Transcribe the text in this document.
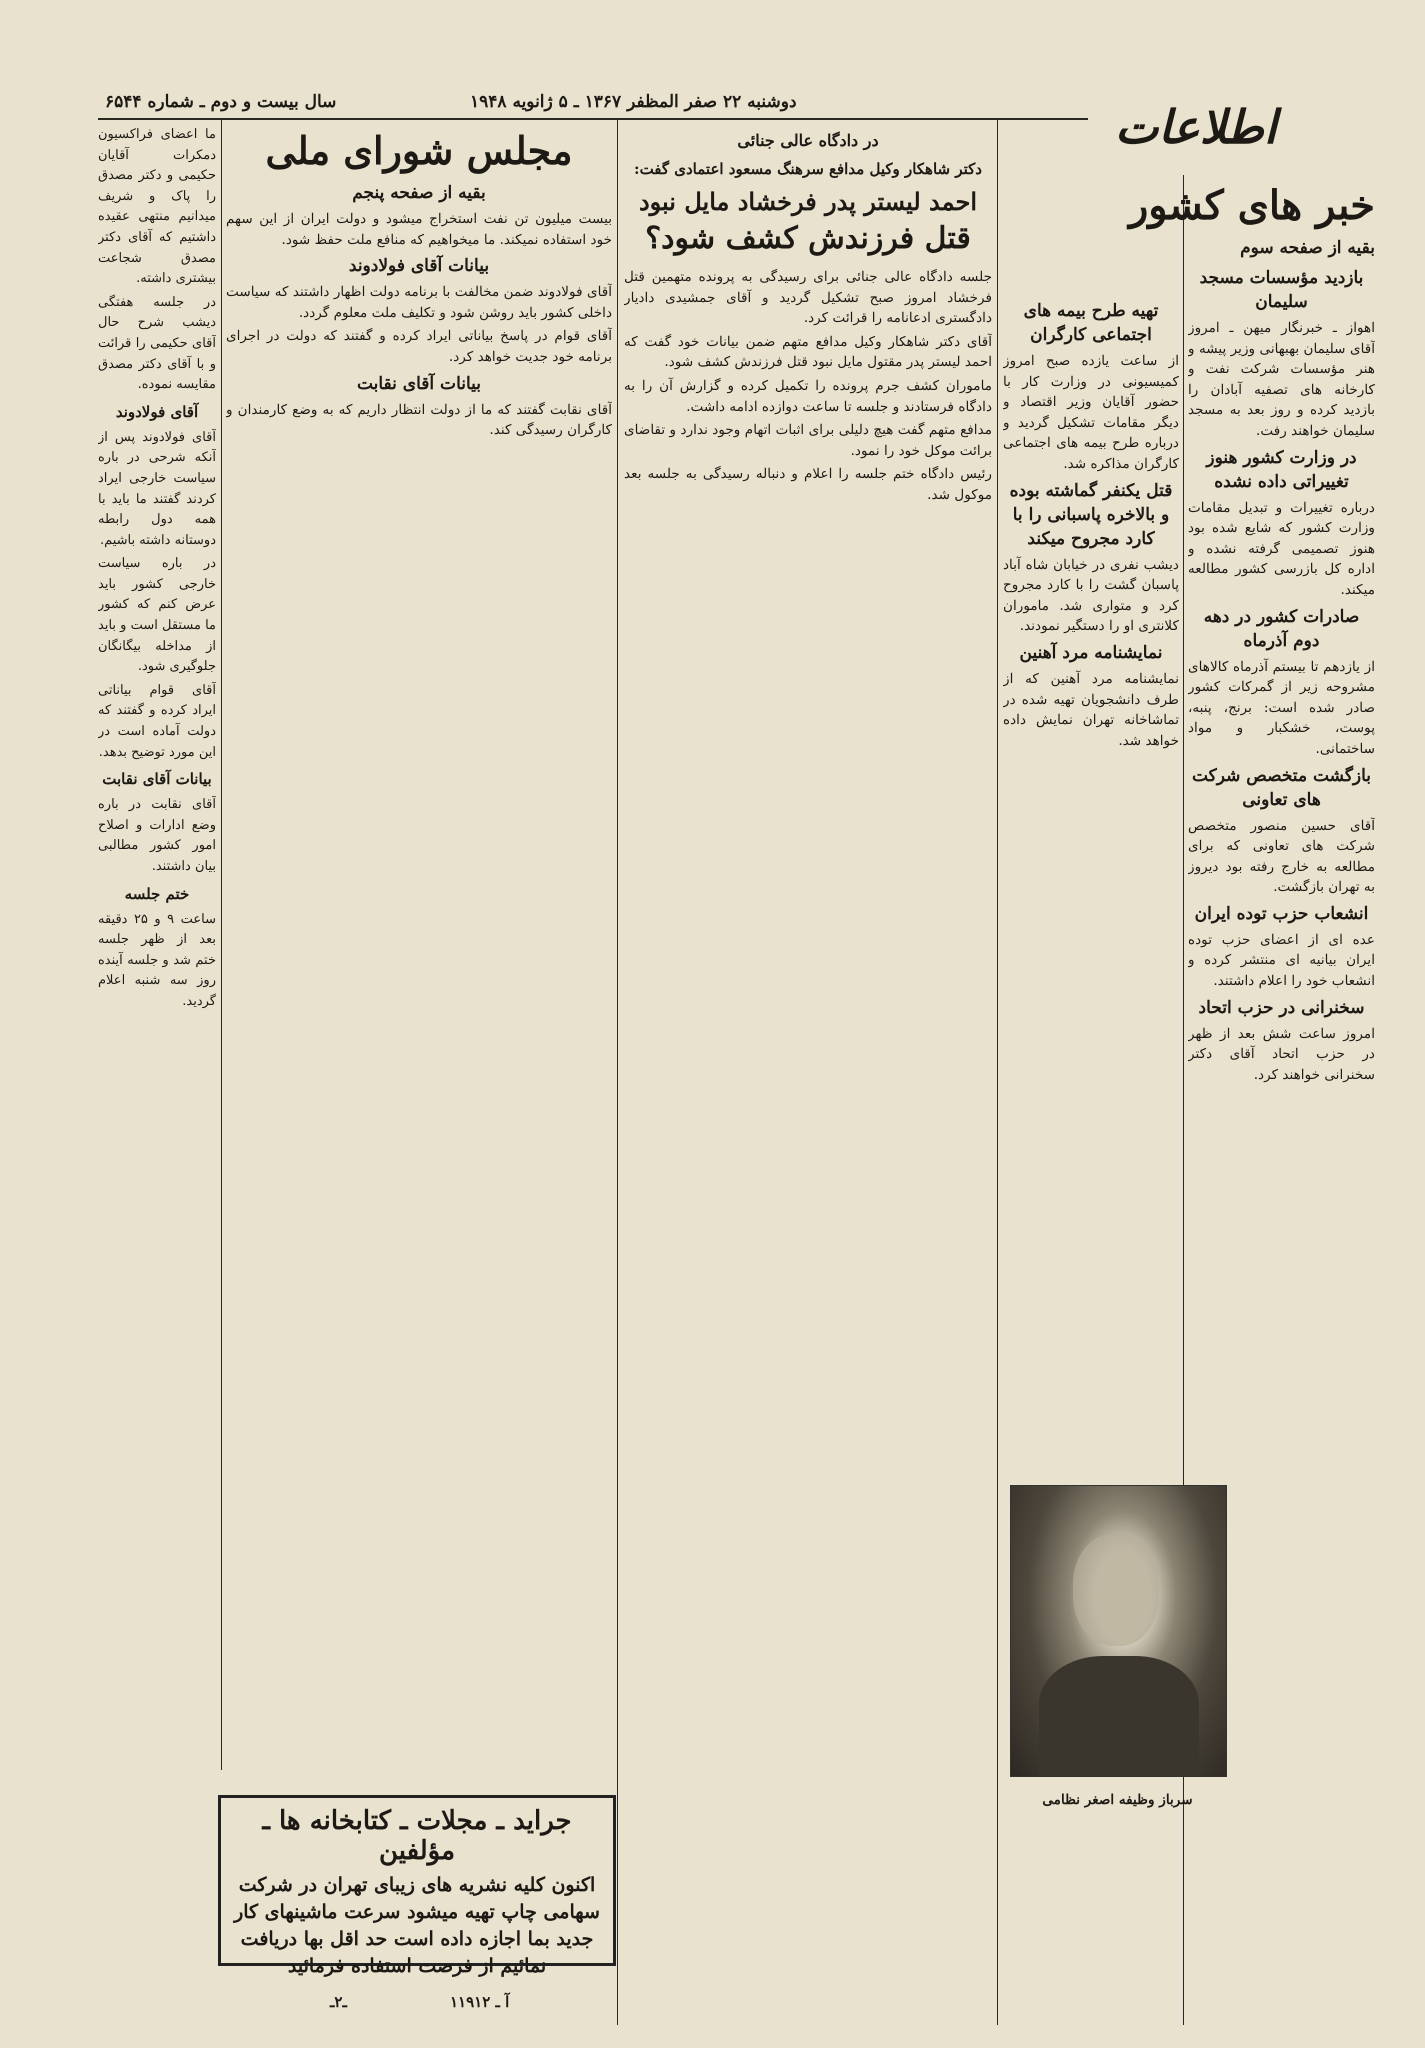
اطلاعات
دوشنبه ۲۲ صفر المظفر ۱۳۶۷ ـ ۵ ژانویه ۱۹۴۸
سال بیست و دوم ـ شماره ۶۵۴۴
خبر های کشور
بقیه از صفحه سوم
بازدید مؤسسات مسجد سلیمان

اهواز ـ خبرنگار میهن ـ امروز آقای سلیمان بهبهانی وزیر پیشه و هنر مؤسسات شرکت نفت و کارخانه های تصفیه آبادان را بازدید کرده و روز بعد به مسجد سلیمان خواهند رفت.

در وزارت کشور هنوز تغییراتی داده نشده

درباره تغییرات و تبدیل مقامات وزارت کشور که شایع شده بود هنوز تصمیمی گرفته نشده و اداره کل بازرسی کشور مطالعه میکند.

صادرات کشور در دهه دوم آذرماه

از یازدهم تا بیستم آذرماه کالاهای مشروحه زیر از گمرکات کشور صادر شده است: برنج، پنبه، پوست، خشکبار و مواد ساختمانی.

بازگشت متخصص شرکت های تعاونی

آقای حسین منصور متخصص شرکت های تعاونی که برای مطالعه به خارج رفته بود دیروز به تهران بازگشت.

انشعاب حزب توده ایران

عده ای از اعضای حزب توده ایران بیانیه ای منتشر کرده و انشعاب خود را اعلام داشتند.

سخنرانی در حزب اتحاد

امروز ساعت شش بعد از ظهر در حزب اتحاد آقای دکتر سخنرانی خواهند کرد.

تهیه طرح بیمه های اجتماعی کارگران

از ساعت یازده صبح امروز کمیسیونی در وزارت کار با حضور آقایان وزیر اقتصاد و دیگر مقامات تشکیل گردید و درباره طرح بیمه های اجتماعی کارگران مذاکره شد.

قتل یکنفر گماشته بوده و بالاخره پاسبانی را با کارد مجروح میکند

دیشب نفری در خیابان شاه آباد پاسبان گشت را با کارد مجروح کرد و متواری شد. ماموران کلانتری او را دستگیر نمودند.

نمایشنامه مرد آهنین

نمایشنامه مرد آهنین که از طرف دانشجویان تهیه شده در تماشاخانه تهران نمایش داده خواهد شد.

سرباز وظیفه اصغر نظامی
در دادگاه عالی جنائی
دکتر شاهکار وکیل مدافع سرهنگ مسعود اعتمادی گفت:
احمد لیستر پدر فرخشاد مایل نبود
قتل فرزندش کشف شود؟

جلسه دادگاه عالی جنائی برای رسیدگی به پرونده متهمین قتل فرخشاد امروز صبح تشکیل گردید و آقای جمشیدی دادیار دادگستری ادعانامه را قرائت کرد.

آقای دکتر شاهکار وکیل مدافع متهم ضمن بیانات خود گفت که احمد لیستر پدر مقتول مایل نبود قتل فرزندش کشف شود.

ماموران کشف جرم پرونده را تکمیل کرده و گزارش آن را به دادگاه فرستادند و جلسه تا ساعت دوازده ادامه داشت.

مدافع متهم گفت هیچ دلیلی برای اثبات اتهام وجود ندارد و تقاضای برائت موکل خود را نمود.

رئیس دادگاه ختم جلسه را اعلام و دنباله رسیدگی به جلسه بعد موکول شد.

مجلس شورای ملی
بقیه از صفحه پنجم

بیست میلیون تن نفت استخراج میشود و دولت ایران از این سهم خود استفاده نمیکند. ما میخواهیم که منافع ملت حفظ شود.

بیانات آقای فولادوند

آقای فولادوند ضمن مخالفت با برنامه دولت اظهار داشتند که سیاست داخلی کشور باید روشن شود و تکلیف ملت معلوم گردد.

آقای قوام در پاسخ بیاناتی ایراد کرده و گفتند که دولت در اجرای برنامه خود جدیت خواهد کرد.

بیانات آقای نقابت

آقای نقابت گفتند که ما از دولت انتظار داریم که به وضع کارمندان و کارگران رسیدگی کند.

جراید ـ مجلات ـ کتابخانه ها ـ مؤلفین
اکنون کلیه نشریه های زیبای تهران در شرکت سهامی چاپ تهیه میشود سرعت ماشینهای کار جدید بما اجازه داده است حد اقل بها دریافت نمائیم از فرصت استفاده فرمائید

ما اعضای فراکسیون دمکرات آقایان حکیمی و دکتر مصدق را پاک و شریف میدانیم منتهی عقیده داشتیم که آقای دکتر مصدق شجاعت بیشتری داشته.

در جلسه هفتگی دیشب شرح حال آقای حکیمی را قرائت و با آقای دکتر مصدق مقایسه نموده.

آقای فولادوند

آقای فولادوند پس از آنکه شرحی در باره سیاست خارجی ایراد کردند گفتند ما باید با همه دول رابطه دوستانه داشته باشیم.

در باره سیاست خارجی کشور باید عرض کنم که کشور ما مستقل است و باید از مداخله بیگانگان جلوگیری شود.

آقای قوام بیاناتی ایراد کرده و گفتند که دولت آماده است در این مورد توضیح بدهد.

بیانات آقای نقابت

آقای نقابت در باره وضع ادارات و اصلاح امور کشور مطالبی بیان داشتند.

ختم جلسه

ساعت ۹ و ۲۵ دقیقه بعد از ظهر جلسه ختم شد و جلسه آینده روز سه شنبه اعلام گردید.

ـ۲ـ	آ ـ ۱۱۹۱۲
